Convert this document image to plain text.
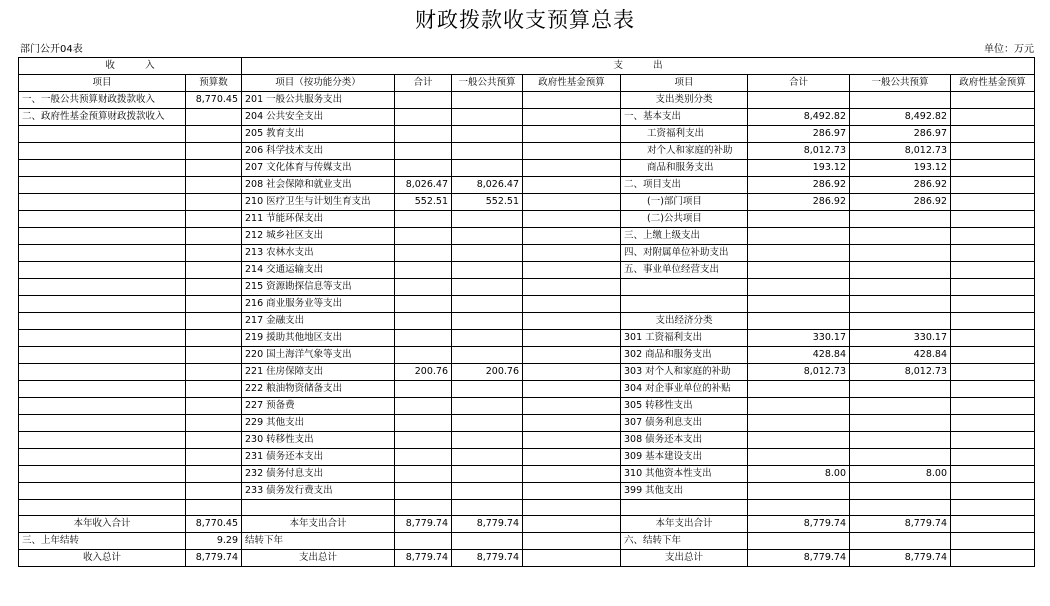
财政拨款收支预算总表
部门公开04表	单位：万元
收          入		支          出							
项目	预算数	项目（按功能分类）	合计	一般公共预算	政府性基金预算	项目	合计	一般公共预算	政府性基金预算
一、一般公共预算财政拨款收入	8,770.45	201 一般公共服务支出				支出类别分类			
二、政府性基金预算财政拨款收入		204 公共安全支出				一、基本支出	8,492.82	8,492.82	
		205 教育支出				工资福利支出	286.97	286.97	
		206 科学技术支出				对个人和家庭的补助	8,012.73	8,012.73	
		207 文化体育与传媒支出				商品和服务支出	193.12	193.12	
		208 社会保障和就业支出	8,026.47	8,026.47		二、项目支出	286.92	286.92	
		210 医疗卫生与计划生育支出	552.51	552.51		(一)部门项目	286.92	286.92	
		211 节能环保支出				(二)公共项目			
		212 城乡社区支出				三、上缴上级支出			
		213 农林水支出				四、对附属单位补助支出			
		214 交通运输支出				五、事业单位经营支出			
		215 资源勘探信息等支出							
		216 商业服务业等支出							
		217 金融支出				支出经济分类			
		219 援助其他地区支出				301 工资福利支出	330.17	330.17	
		220 国土海洋气象等支出				302 商品和服务支出	428.84	428.84	
		221 住房保障支出	200.76	200.76		303 对个人和家庭的补助	8,012.73	8,012.73	
		222 粮油物资储备支出				304 对企事业单位的补贴			
		227 预备费				305 转移性支出			
		229 其他支出				307 债务利息支出			
		230 转移性支出				308 债务还本支出			
		231 债务还本支出				309 基本建设支出			
		232 债务付息支出				310 其他资本性支出	8.00	8.00	
		233 债务发行费支出				399 其他支出			

本年收入合计	8,770.45	本年支出合计	8,779.74	8,779.74		本年支出合计	8,779.74	8,779.74	
三、上年结转	9.29	结转下年				六、结转下年			
收入总计	8,779.74	支出总计	8,779.74	8,779.74		支出总计	8,779.74	8,779.74	
